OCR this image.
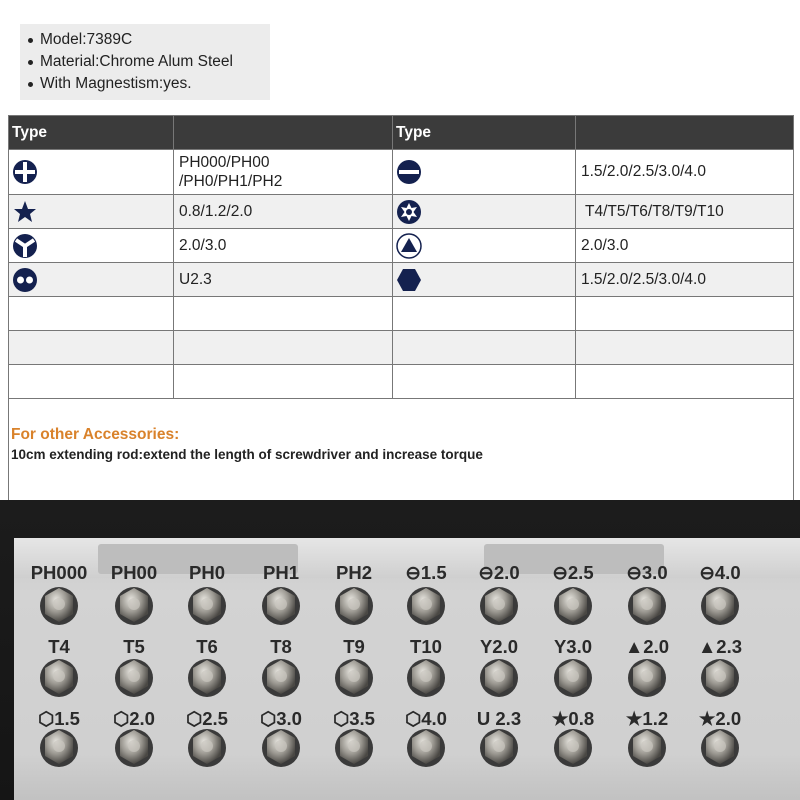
Model:7389C
Material:Chrome Alum Steel
With Magnestism:yes.
Type		Type	

	PH000/PH00
/PH0/PH1/PH2		1.5/2.0/2.5/3.0/4.0

	0.8/1.2/2.0		T4/T5/T6/T8/T9/T10

	2.0/3.0		2.0/3.0

	U2.3		1.5/2.0/2.5/3.0/4.0

For other Accessories:
10cm extending rod:extend the length of screwdriver and increase torque			
PH000 PH00 PH0 PH1 PH2 ⊖1.5 ⊖2.0 ⊖2.5 ⊖3.0 ⊖4.0
T4	T5	T6	T8	T9 T10 Y2.0 Y3.0 ▲2.0 ▲2.3
⬡1.5 ⬡2.0 ⬡2.5 ⬡3.0 ⬡3.5 ⬡4.0 U 2.3 ★0.8 ★1.2 ★2.0
